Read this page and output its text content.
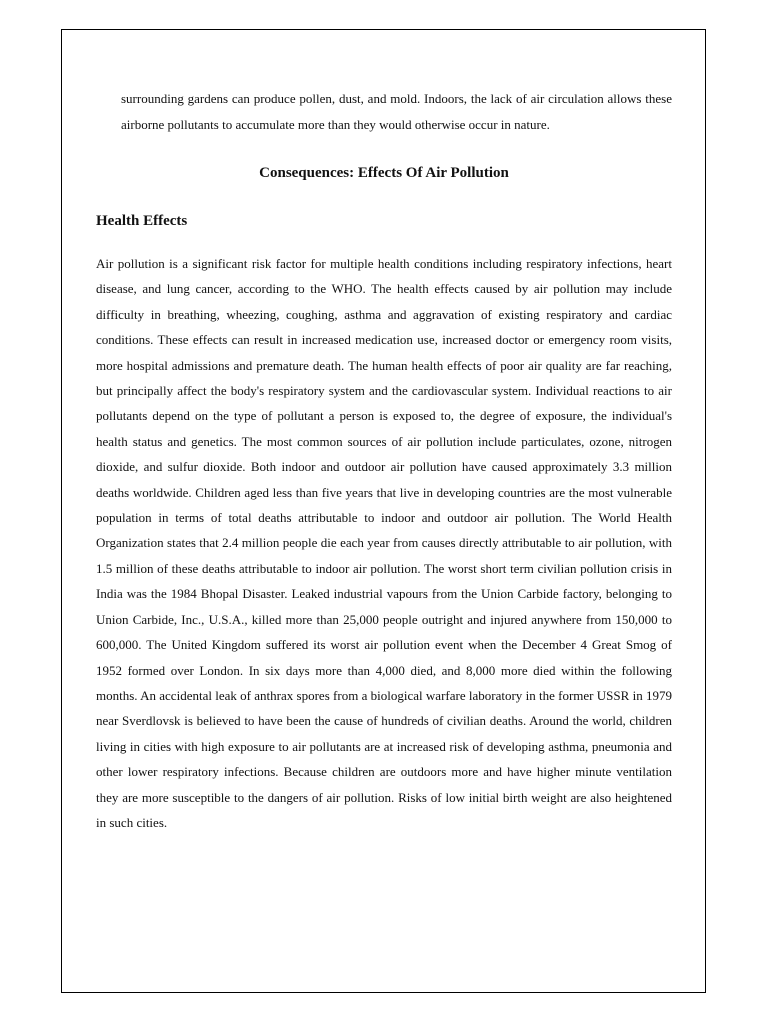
surrounding gardens can produce pollen, dust, and mold. Indoors, the lack of air circulation allows these airborne pollutants to accumulate more than they would otherwise occur in nature.

Consequences: Effects Of Air Pollution
Health Effects

Air pollution is a significant risk factor for multiple health conditions including respiratory infections, heart disease, and lung cancer, according to the WHO. The health effects caused by air pollution may include difficulty in breathing, wheezing, coughing, asthma and aggravation of existing respiratory and cardiac conditions. These effects can result in increased medication use, increased doctor or emergency room visits, more hospital admissions and premature death. The human health effects of poor air quality are far reaching, but principally affect the body's respiratory system and the cardiovascular system. Individual reactions to air pollutants depend on the type of pollutant a person is exposed to, the degree of exposure, the individual's health status and genetics. The most common sources of air pollution include particulates, ozone, nitrogen dioxide, and sulfur dioxide. Both indoor and outdoor air pollution have caused approximately 3.3 million deaths worldwide. Children aged less than five years that live in developing countries are the most vulnerable population in terms of total deaths attributable to indoor and outdoor air pollution. The World Health Organization states that 2.4 million people die each year from causes directly attributable to air pollution, with 1.5 million of these deaths attributable to indoor air pollution. The worst short term civilian pollution crisis in India was the 1984 Bhopal Disaster. Leaked industrial vapours from the Union Carbide factory, belonging to Union Carbide, Inc., U.S.A., killed more than 25,000 people outright and injured anywhere from 150,000 to 600,000. The United Kingdom suffered its worst air pollution event when the December 4 Great Smog of 1952 formed over London. In six days more than 4,000 died, and 8,000 more died within the following months. An accidental leak of anthrax spores from a biological warfare laboratory in the former USSR in 1979 near Sverdlovsk is believed to have been the cause of hundreds of civilian deaths. Around the world, children living in cities with high exposure to air pollutants are at increased risk of developing asthma, pneumonia and other lower respiratory infections. Because children are outdoors more and have higher minute ventilation they are more susceptible to the dangers of air pollution. Risks of low initial birth weight are also heightened in such cities.
